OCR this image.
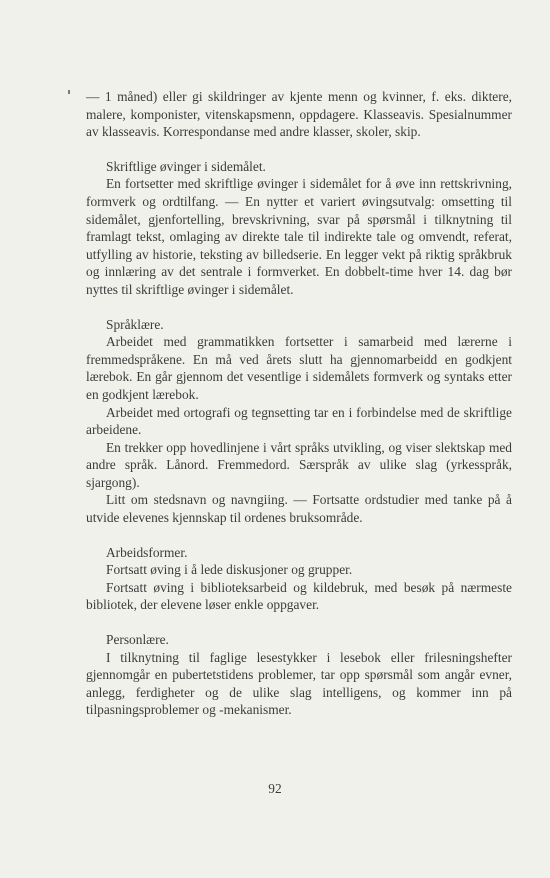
— 1 måned) eller gi skildringer av kjente menn og kvinner, f. eks. diktere, malere, komponister, vitenskapsmenn, oppdagere. Klasseavis. Spesialnummer av klasseavis. Korrespondanse med andre klasser, skoler, skip.

Skriftlige øvinger i sidemålet.

En fortsetter med skriftlige øvinger i sidemålet for å øve inn rettskrivning, formverk og ordtilfang. — En nytter et variert øvingsutvalg: omsetting til sidemålet, gjenfortelling, brevskrivning, svar på spørsmål i tilknytning til framlagt tekst, omlaging av direkte tale til indirekte tale og omvendt, referat, utfylling av historie, teksting av billedserie. En legger vekt på riktig språkbruk og innlæring av det sentrale i formverket. En dobbelt-time hver 14. dag bør nyttes til skriftlige øvinger i sidemålet.

Språklære.

Arbeidet med grammatikken fortsetter i samarbeid med lærerne i fremmedspråkene. En må ved årets slutt ha gjennomarbeidd en godkjent lærebok. En går gjennom det vesentlige i sidemålets formverk og syntaks etter en godkjent lærebok.

Arbeidet med ortografi og tegnsetting tar en i forbindelse med de skriftlige arbeidene.

En trekker opp hovedlinjene i vårt språks utvikling, og viser slektskap med andre språk. Lånord. Fremmedord. Særspråk av ulike slag (yrkesspråk, sjargong).

Litt om stedsnavn og navngiing. — Fortsatte ordstudier med tanke på å utvide elevenes kjennskap til ordenes bruksområde.

Arbeidsformer.

Fortsatt øving i å lede diskusjoner og grupper.

Fortsatt øving i biblioteksarbeid og kildebruk, med besøk på nærmeste bibliotek, der elevene løser enkle oppgaver.

Personlære.

I tilknytning til faglige lesestykker i lesebok eller frilesningshefter gjennomgår en pubertetstidens problemer, tar opp spørsmål som angår evner, anlegg, ferdigheter og de ulike slag intelligens, og kommer inn på tilpasningsproblemer og -mekanismer.

92
